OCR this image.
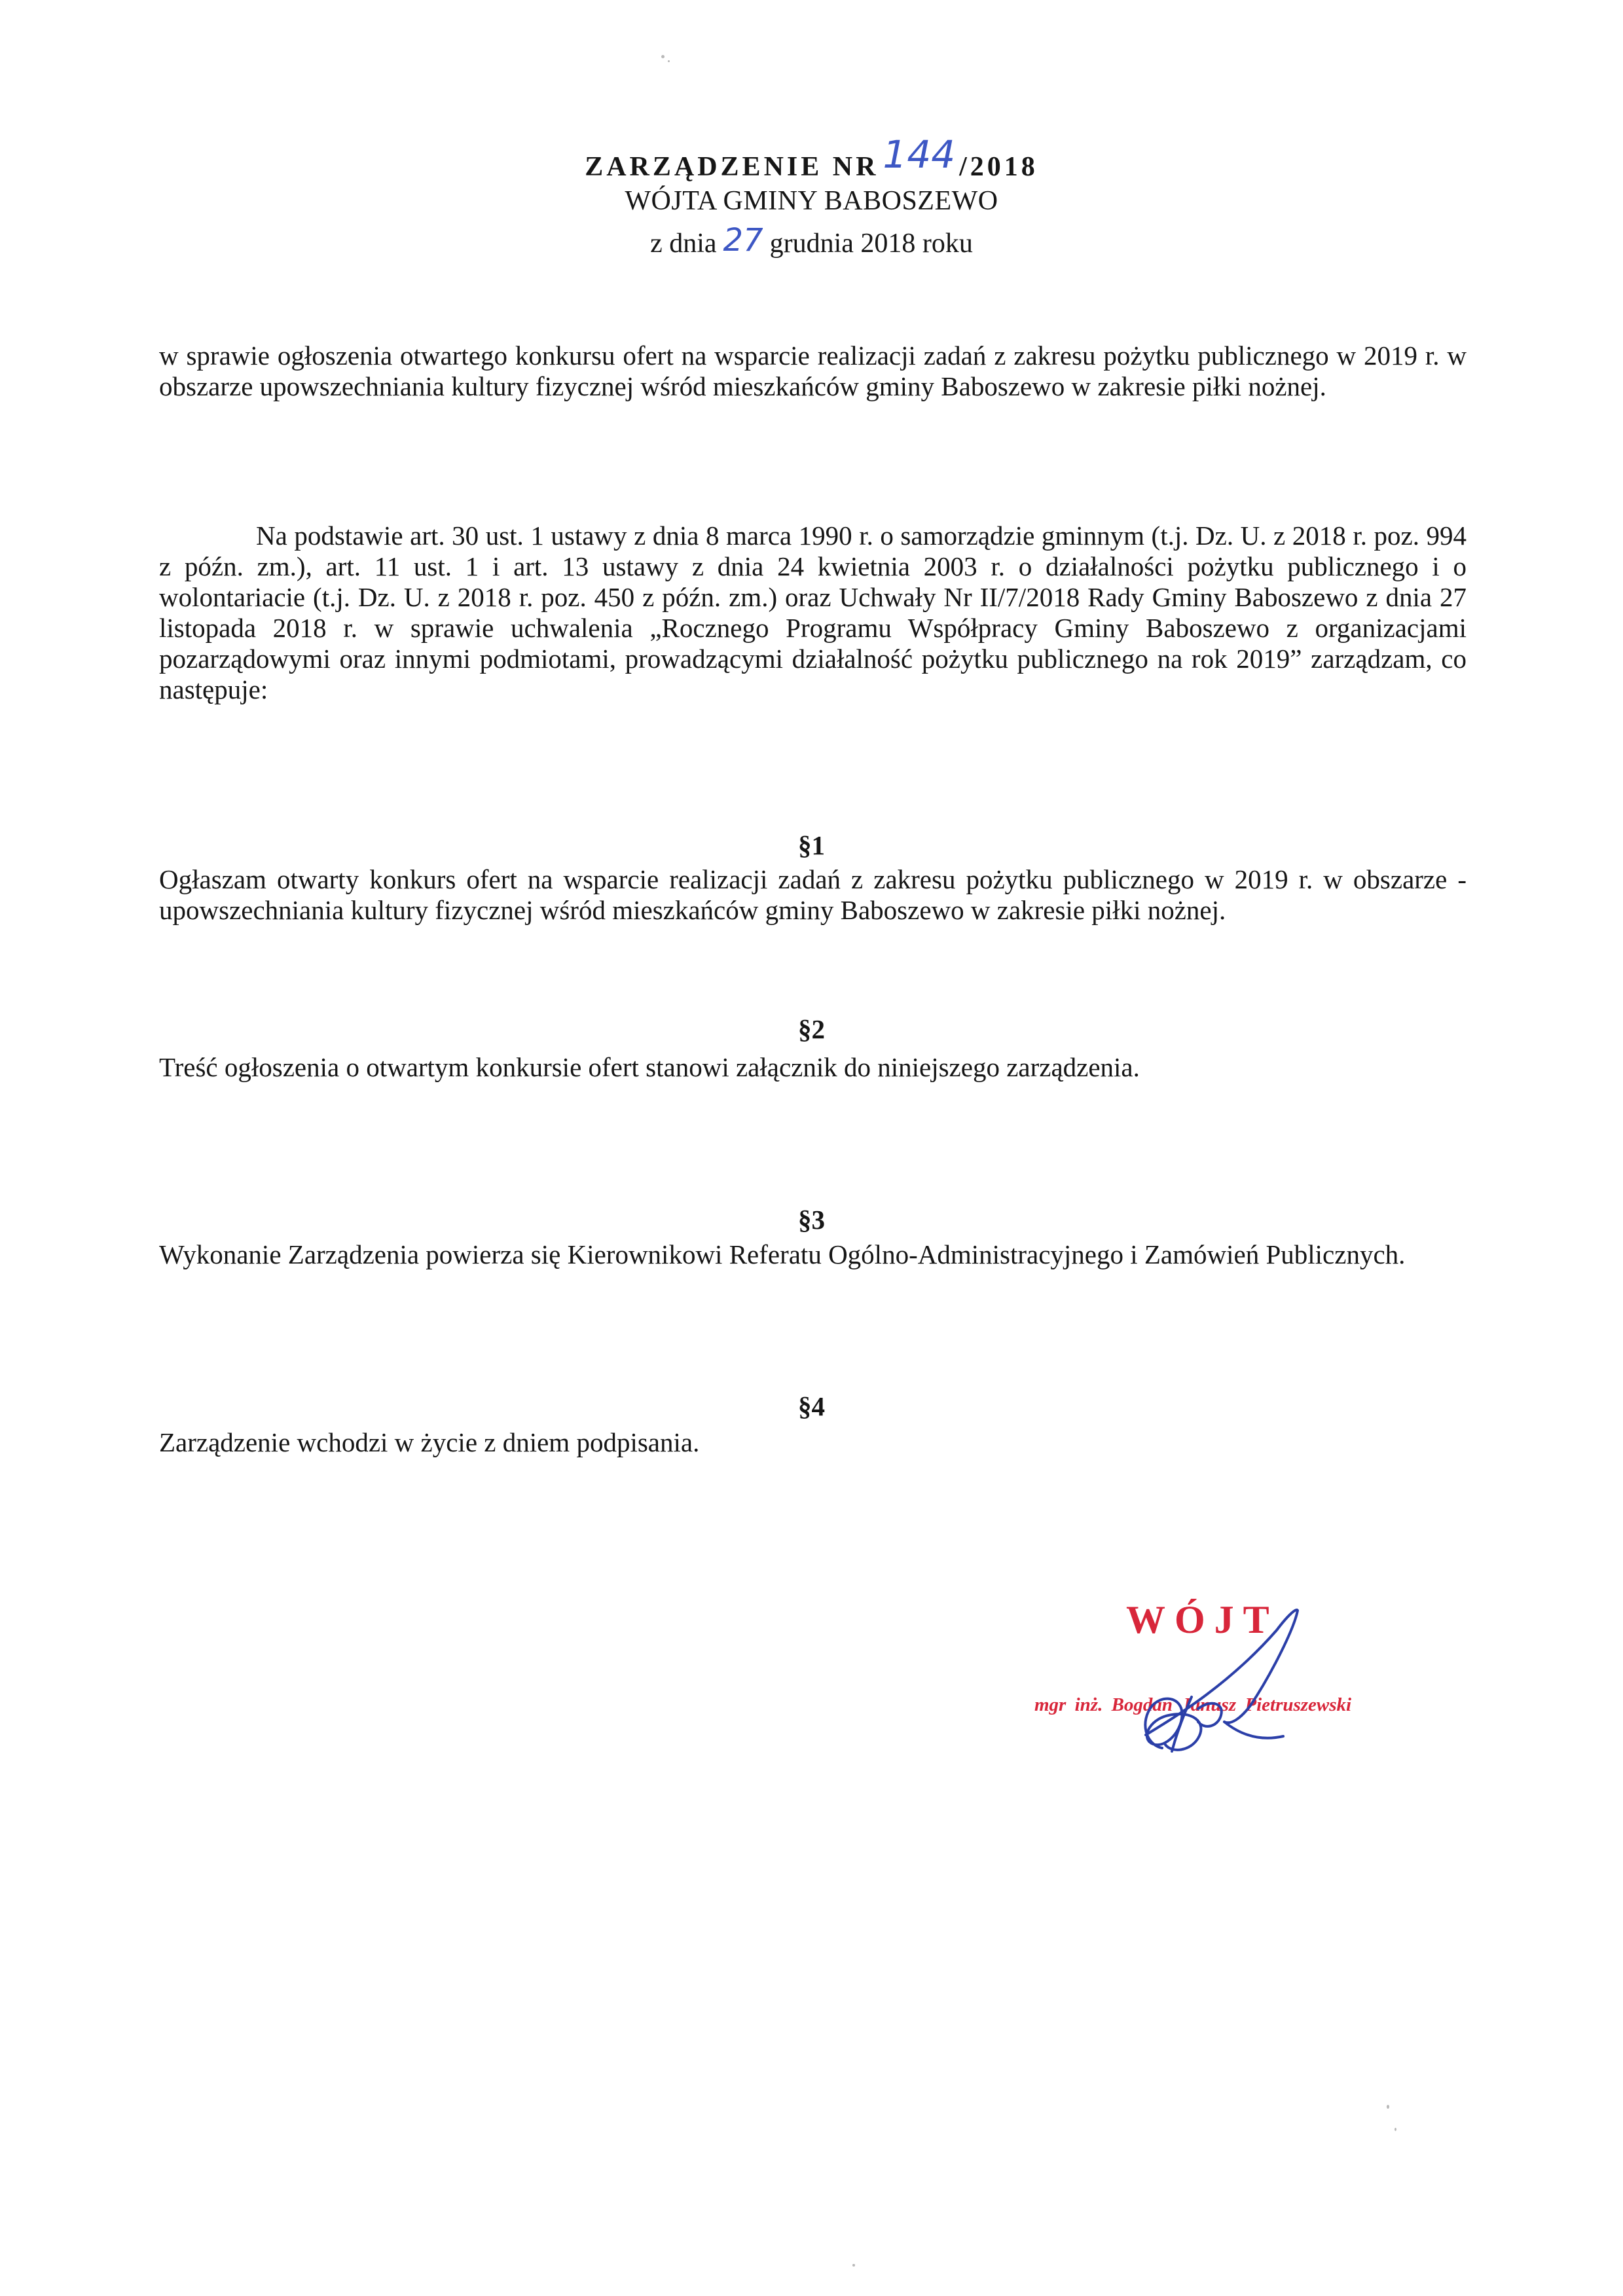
ZARZĄDZENIE NR 144 /2018
WÓJTA GMINY BABOSZEWO
z dnia 27 grudnia 2018 roku
w sprawie ogłoszenia otwartego konkursu ofert na wsparcie realizacji zadań z zakresu pożytku publicznego w 2019 r. w obszarze upowszechniania kultury fizycznej wśród mieszkańców gminy Baboszewo w zakresie piłki nożnej.
Na podstawie art. 30 ust. 1 ustawy z dnia 8 marca 1990 r. o samorządzie gminnym (t.j. Dz. U. z 2018 r. poz. 994 z późn. zm.), art. 11 ust. 1 i art. 13 ustawy z dnia 24 kwietnia 2003 r. o działalności pożytku publicznego i o wolontariacie (t.j. Dz. U. z 2018 r. poz. 450 z późn. zm.) oraz Uchwały Nr II/7/2018 Rady Gminy Baboszewo z dnia 27 listopada 2018 r. w sprawie uchwalenia „Rocznego Programu Współpracy Gminy Baboszewo z organizacjami pozarządowymi oraz innymi podmiotami, prowadzącymi działalność pożytku publicznego na rok 2019” zarządzam, co następuje:
§1
Ogłaszam otwarty konkurs ofert na wsparcie realizacji zadań z zakresu pożytku publicznego w 2019 r. w obszarze - upowszechniania kultury fizycznej wśród mieszkańców gminy Baboszewo w zakresie piłki nożnej.
§2
Treść ogłoszenia o otwartym konkursie ofert stanowi załącznik do niniejszego zarządzenia.
§3
Wykonanie Zarządzenia powierza się Kierownikowi Referatu Ogólno-Administracyjnego i Zamówień Publicznych.
§4
Zarządzenie wchodzi w życie z dniem podpisania.
WÓJT
mgr inż. Bogdan Janusz Pietruszewski
